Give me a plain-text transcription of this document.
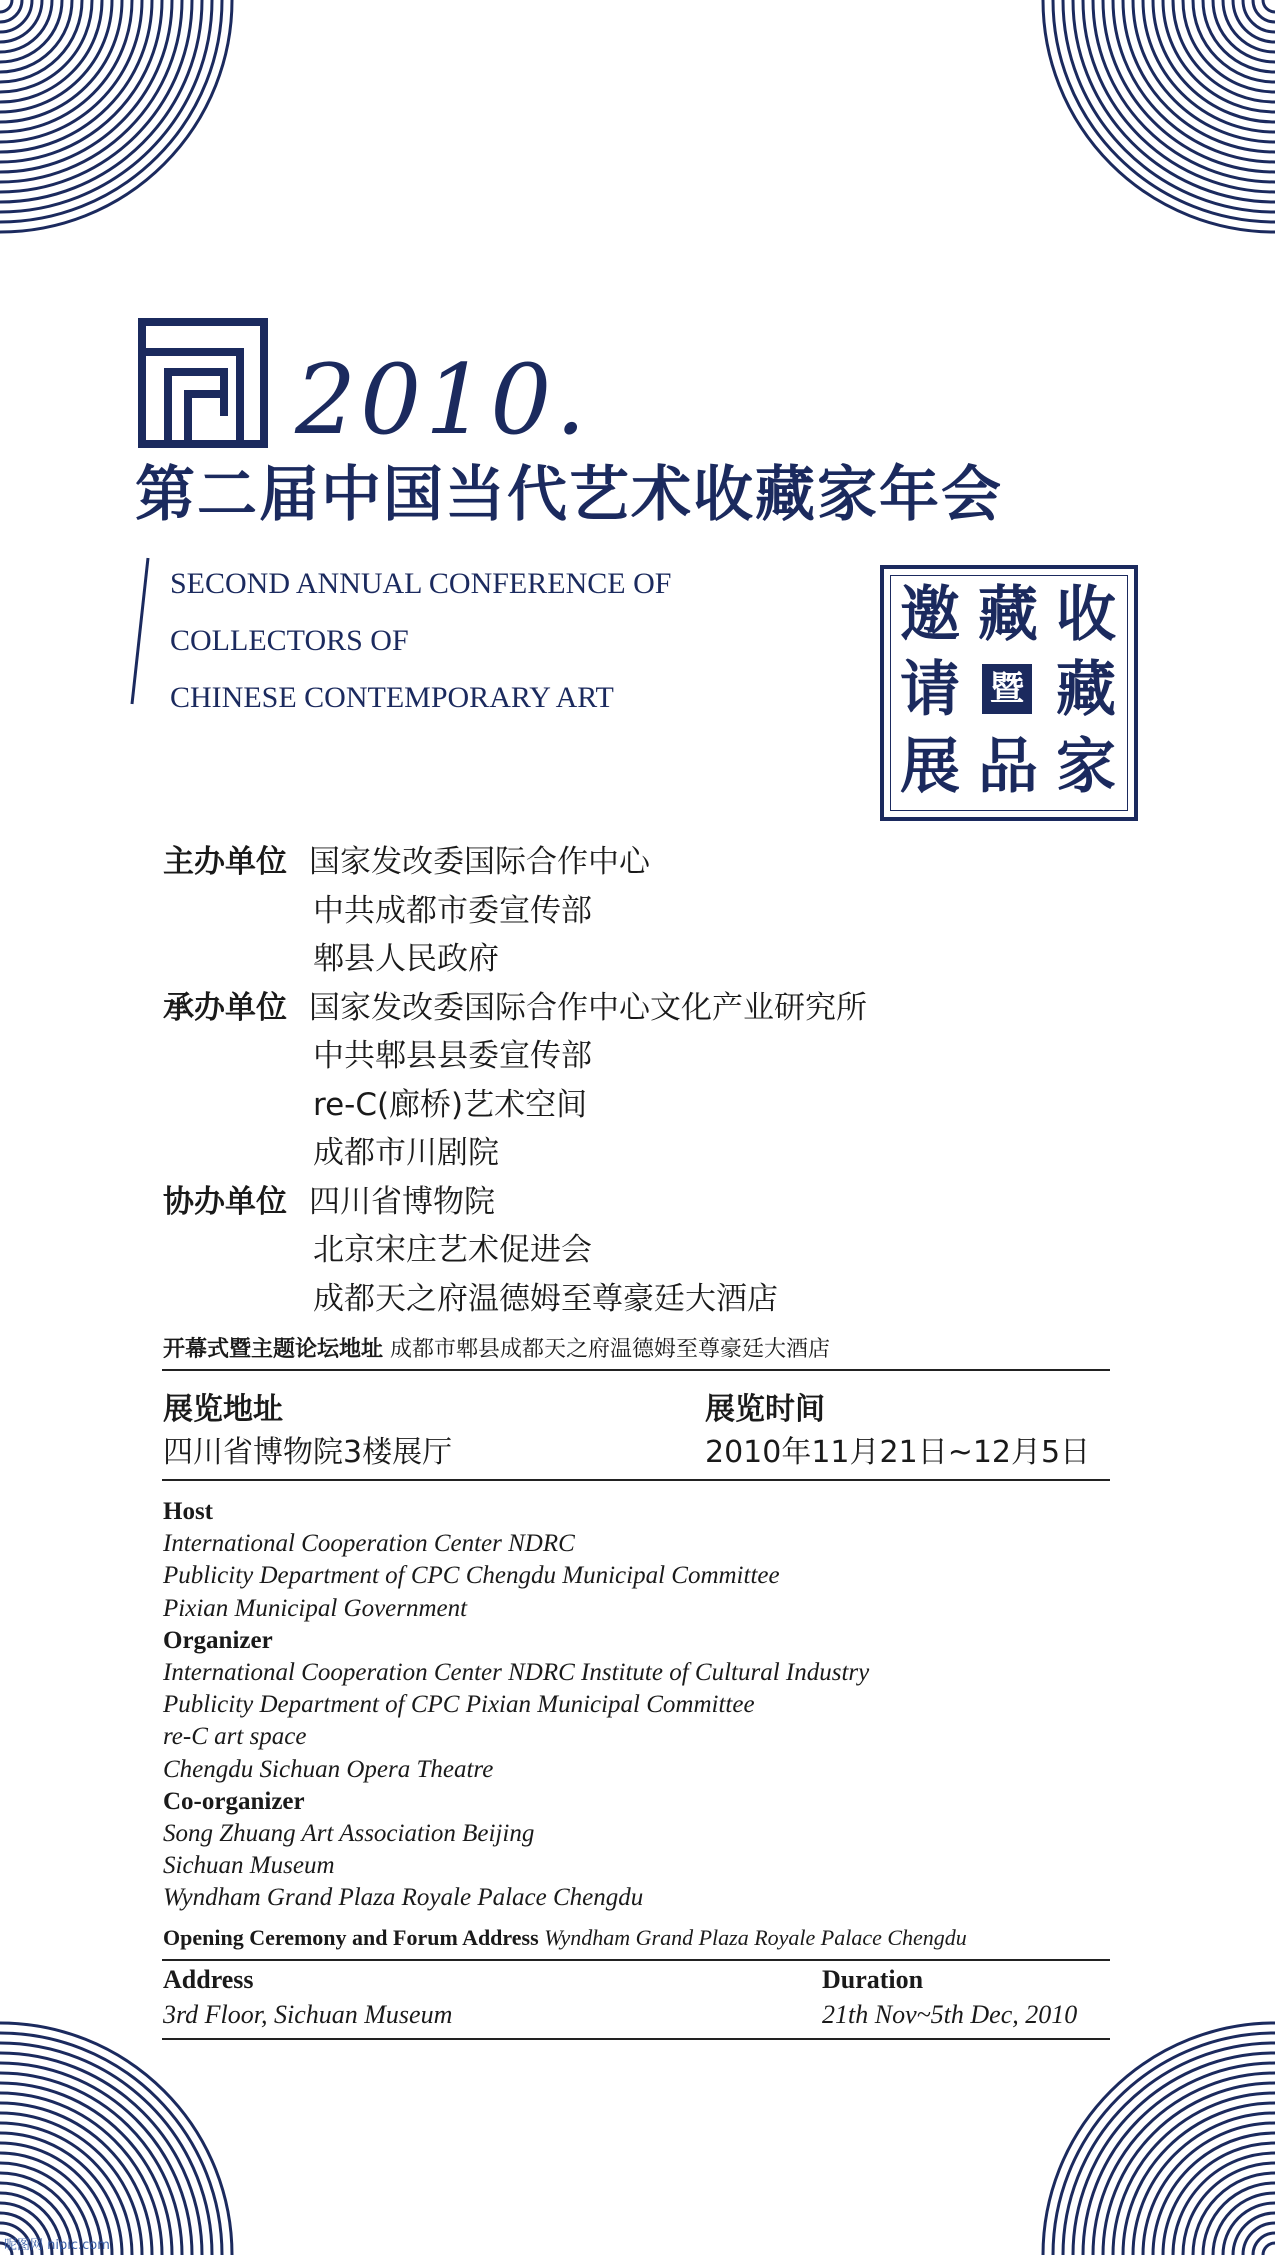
2010.
第二届中国当代艺术收藏家年会
SECOND ANNUAL CONFERENCE OF
COLLECTORS OF
CHINESE CONTEMPORARY ART
邀 藏 收
请 暨 藏
展 品 家
主办单位 国家发改委国际合作中心
中共成都市委宣传部
郫县人民政府
承办单位 国家发改委国际合作中心文化产业研究所
中共郫县县委宣传部
re-C(廊桥)艺术空间
成都市川剧院
协办单位 四川省博物院
北京宋庄艺术促进会
成都天之府温德姆至尊豪廷大酒店
开幕式暨主题论坛地址 成都市郫县成都天之府温德姆至尊豪廷大酒店
展览地址	展览时间
四川省博物院3楼展厅	2010年11月21日~12月5日
Host
International Cooperation Center NDRC
Publicity Department of CPC Chengdu Municipal Committee
Pixian Municipal Government
Organizer
International Cooperation Center NDRC Institute of Cultural Industry
Publicity Department of CPC Pixian Municipal Committee
re-C art space
Chengdu Sichuan Opera Theatre
Co-organizer
Song Zhuang Art Association Beijing
Sichuan Museum
Wyndham Grand Plaza Royale Palace Chengdu
Opening Ceremony and Forum Address Wyndham Grand Plaza Royale Palace Chengdu
Address	Duration
3rd Floor, Sichuan Museum	21th Nov~5th Dec, 2010
昵图网 nipic.com
